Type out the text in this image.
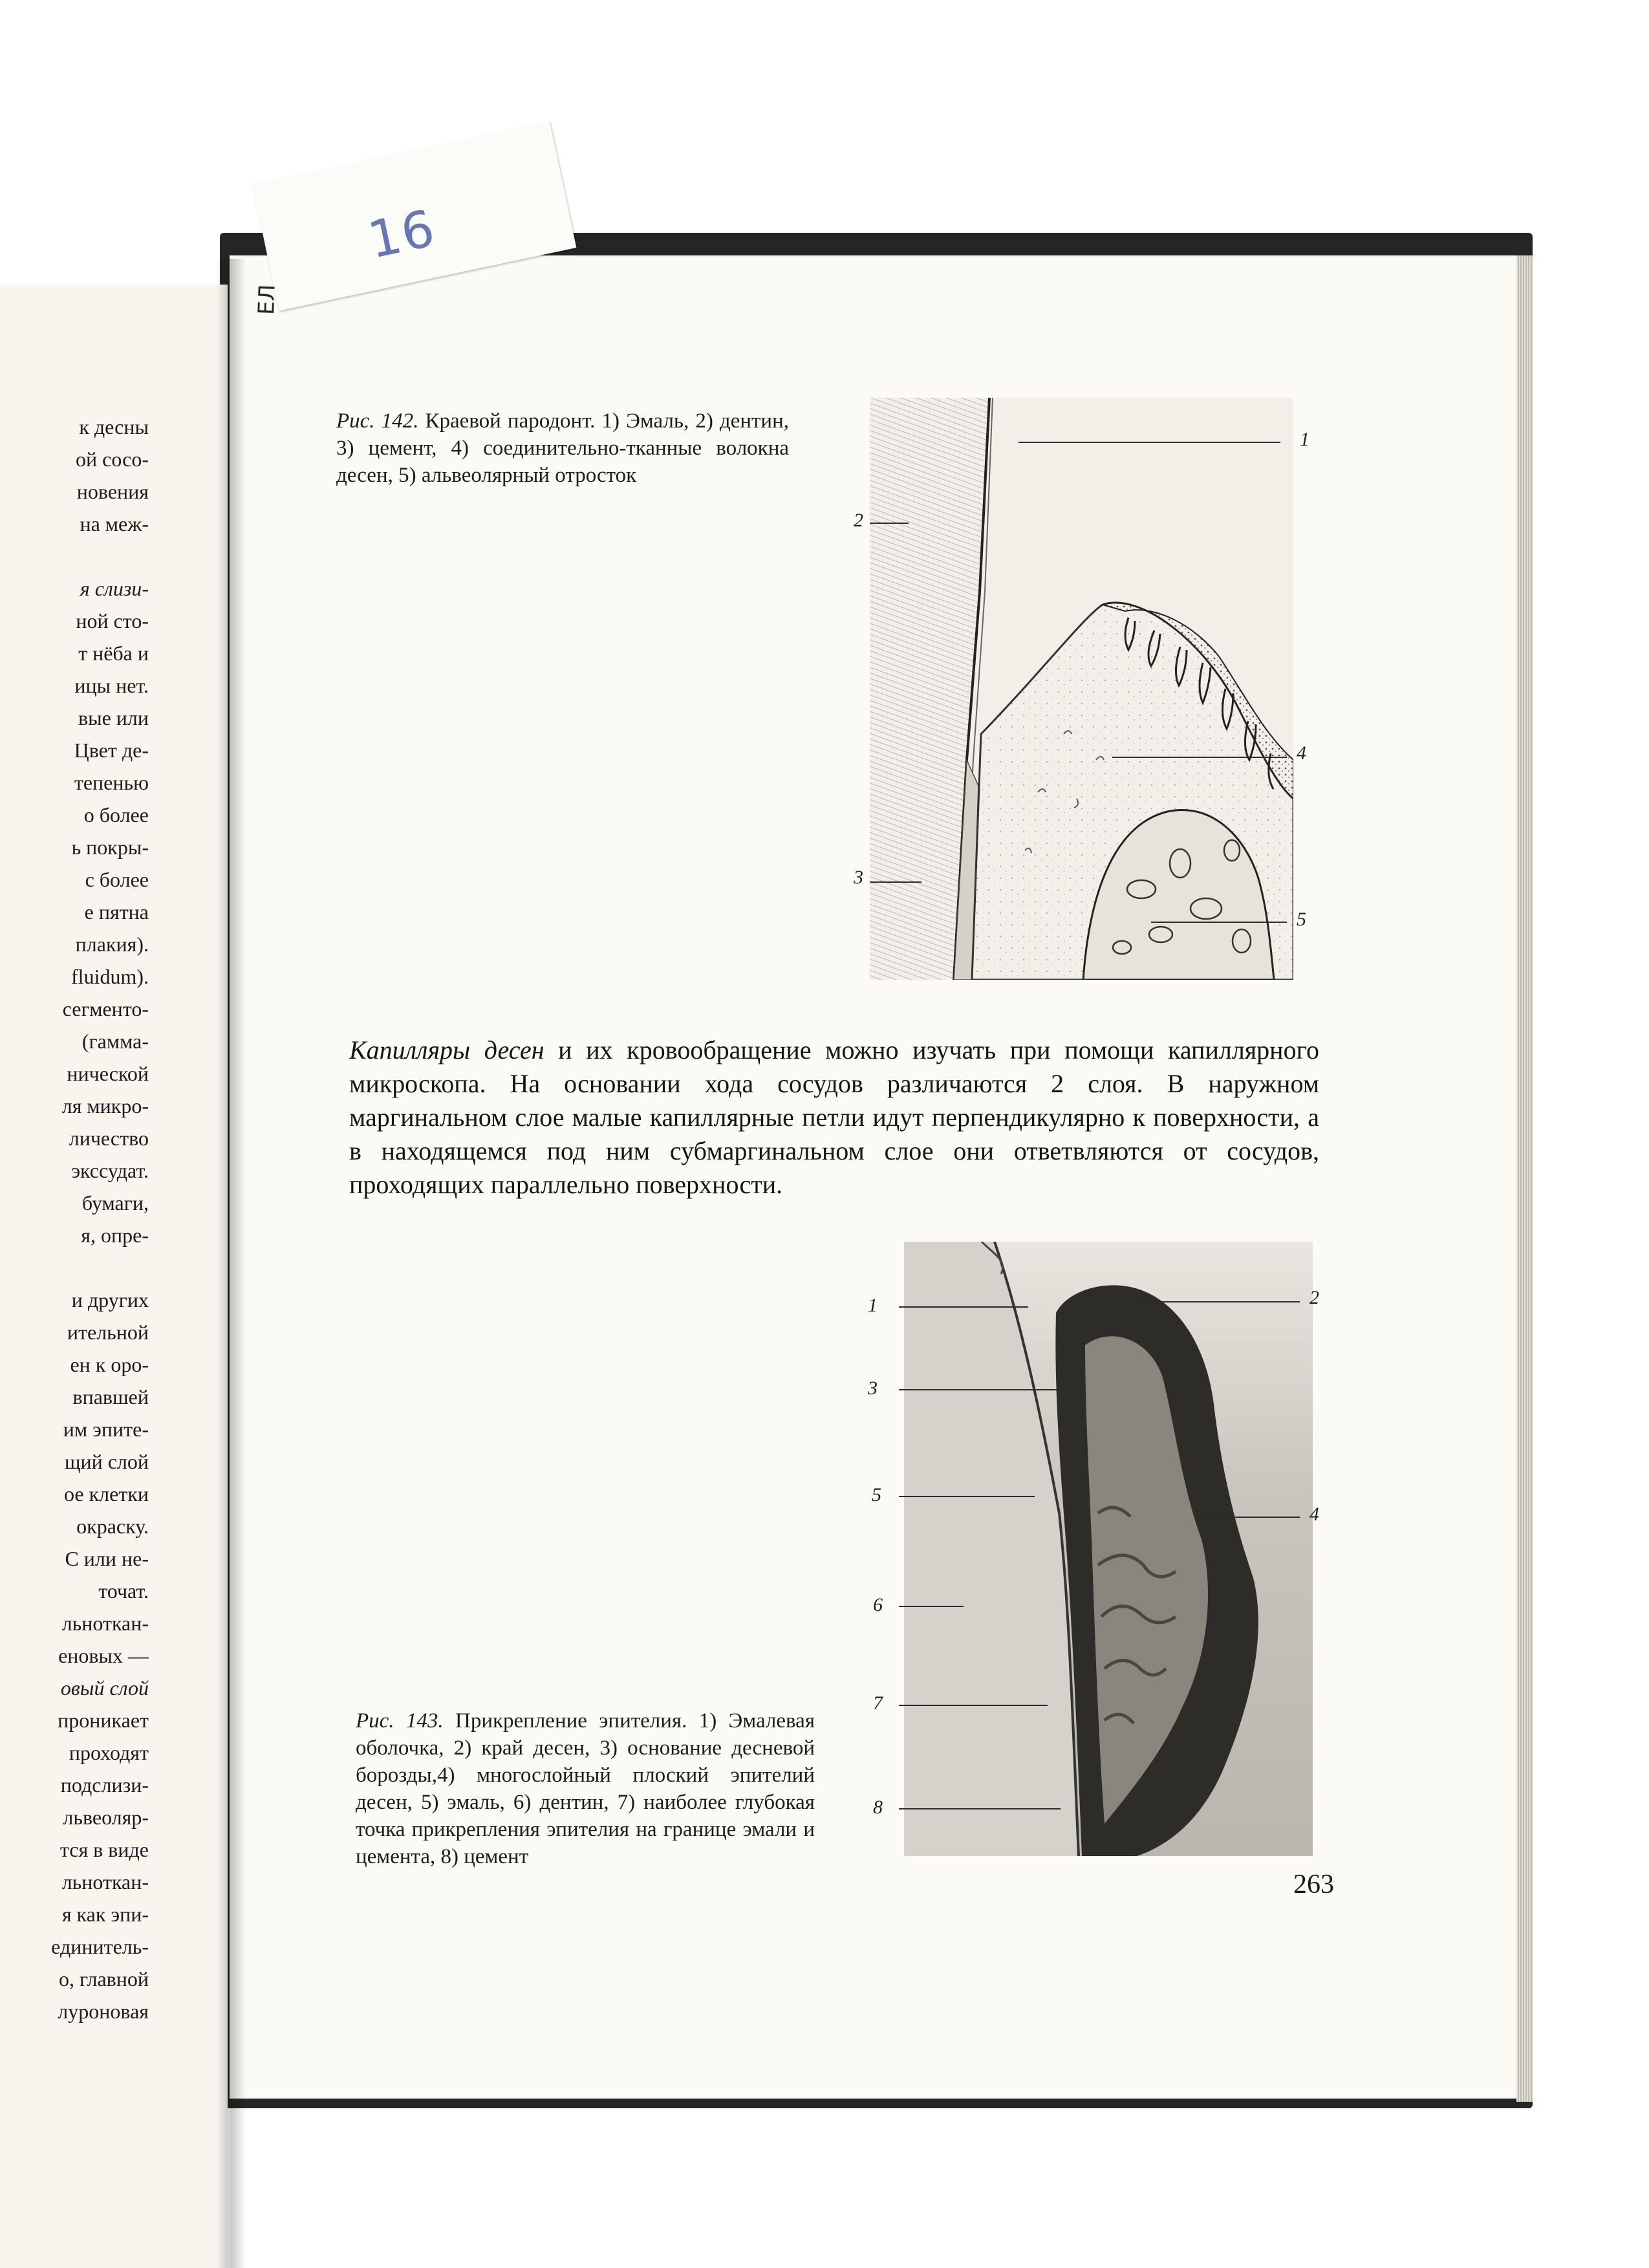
16
ЕЛ
к десны
ой сосо-
новения
на меж-
я слизи-
ной сто-
т нёба и
ицы нет.
вые или
Цвет де-
тепенью
о более
ь покры-
с более
е пятна
плакия).
fluidum).
сегменто-
(гамма-
нической
ля микро-
личество
экссудат.
бумаги,
я, опре-
и других
ительной
ен к оро-
впавшей
им эпите-
щий слой
ое клетки
окраску.
С или не-
точат.
льноткан-
еновых —
овый слой
проникает
проходят
подслизи-
львеоляр-
тся в виде
льноткан-
я как эпи-
единитель-
о, главной
луроновая
Рис. 142. Краевой пародонт. 1) Эмаль, 2) дентин, 3) цемент, 4) соединительно-тканные волокна десен, 5) альвеолярный отросток
1
2
3
4
5
Капилляры десен и их кровообращение можно изучать при помощи капиллярного микроскопа. На основании хода сосудов различаются 2 слоя. В наружном маргинальном слое малые капиллярные петли идут перпендикулярно к поверхности, а в находящемся под ним субмаргинальном слое они ответвляются от сосудов, проходящих параллельно поверхности.
1	2
3
4
5
6
7
8
Рис. 143. Прикрепление эпителия. 1) Эмалевая оболочка, 2) край десен, 3) основание десневой борозды,4) многослойный плоский эпителий десен, 5) эмаль, 6) дентин, 7) наиболее глубокая точка прикрепления эпителия на границе эмали и цемента, 8) цемент
263
